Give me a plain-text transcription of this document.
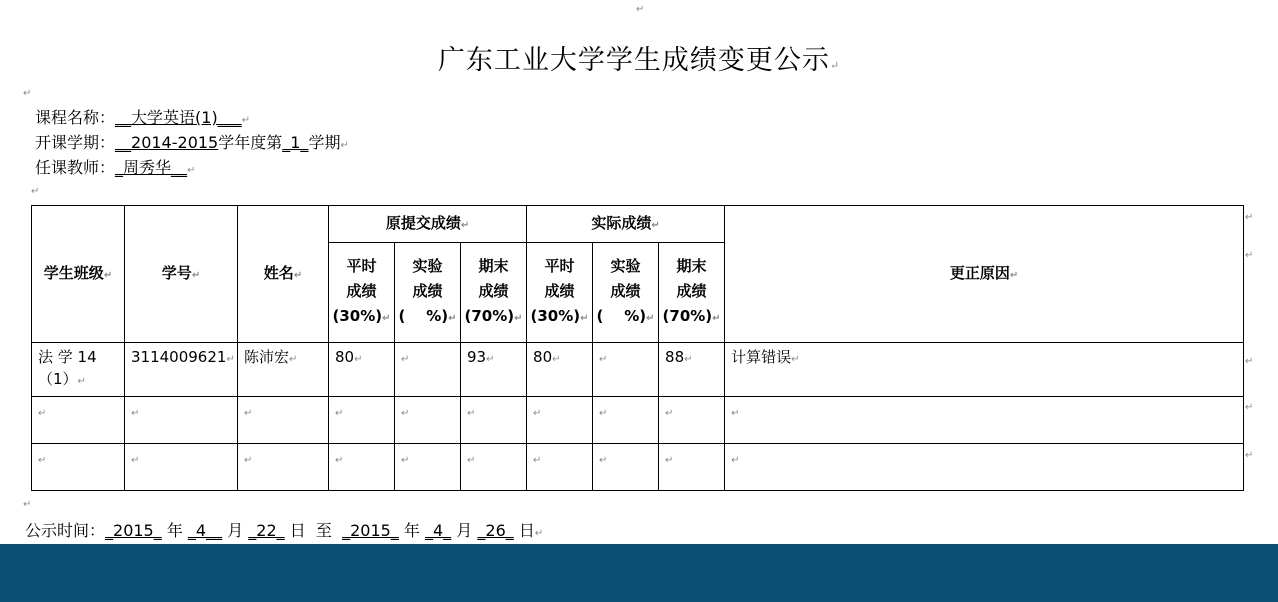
↵
广东工业大学学生成绩变更公示↵
↵
课程名称：__大学英语(1)___↵
开课学期：__2014-2015学年度第_1_学期↵
任课教师：_周秀华__↵
↵
学生班级↵	学号↵	姓名↵	原提交成绩↵			实际成绩↵			更正原因↵
			平时
成绩
(30%)↵	实验
成绩
(    %)↵	期末
成绩
(70%)↵	平时
成绩
(30%)↵	实验
成绩
(    %)↵	期末
成绩
(70%)↵	
法 学 14
（1）↵	3114009621↵	陈沛宏↵	80↵	↵	93↵	80↵	↵	88↵	计算错误↵
↵	↵	↵	↵	↵	↵	↵	↵	↵	↵
↵	↵	↵	↵	↵	↵	↵	↵	↵	↵
↵
↵
↵
↵
↵
↵
公示时间：_2015_ 年 _4__ 月 _22_ 日  至 _2015_ 年 _4_ 月 _26_ 日↵
